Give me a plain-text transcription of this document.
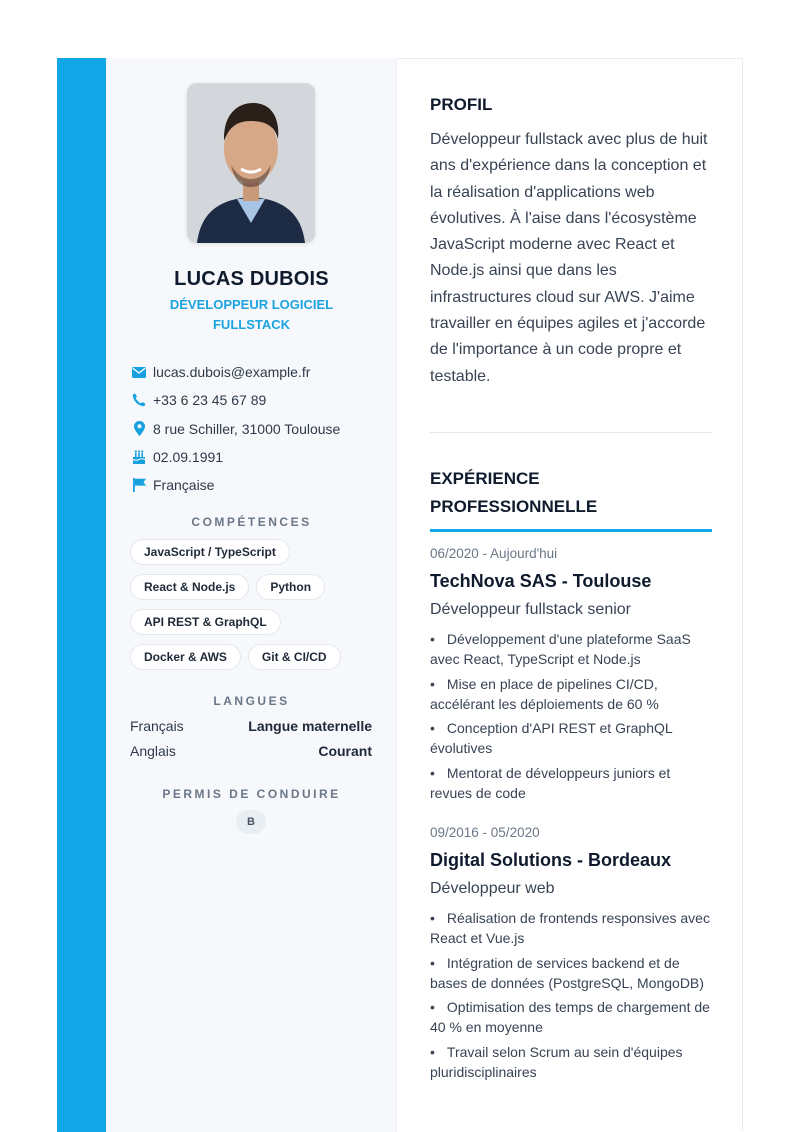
LUCAS DUBOIS
DÉVELOPPEUR LOGICIEL FULLSTACK
lucas.dubois@example.fr
+33 6 23 45 67 89
8 rue Schiller, 31000 Toulouse
02.09.1991
Française
COMPÉTENCES
JavaScript / TypeScript
React & Node.js	Python
API REST & GraphQL
Docker & AWS	Git & CI/CD
LANGUES
Français	Langue maternelle
Anglais	Courant
PERMIS DE CONDUIRE
B
PROFIL
Développeur fullstack avec plus de huit ans d'expérience dans la conception et la réalisation d'applications web évolutives. À l'aise dans l'écosystème JavaScript moderne avec React et Node.js ainsi que dans les infrastructures cloud sur AWS. J'aime travailler en équipes agiles et j'accorde de l'importance à un code propre et testable.
EXPÉRIENCE PROFESSIONNELLE
06/2020 - Aujourd'hui
TechNova SAS - Toulouse
Développeur fullstack senior
• Développement d'une plateforme SaaS avec React, TypeScript et Node.js
• Mise en place de pipelines CI/CD, accélérant les déploiements de 60 %
• Conception d'API REST et GraphQL évolutives
• Mentorat de développeurs juniors et revues de code
09/2016 - 05/2020
Digital Solutions - Bordeaux
Développeur web
• Réalisation de frontends responsives avec React et Vue.js
• Intégration de services backend et de bases de données (PostgreSQL, MongoDB)
• Optimisation des temps de chargement de 40 % en moyenne
• Travail selon Scrum au sein d'équipes pluridisciplinaires
